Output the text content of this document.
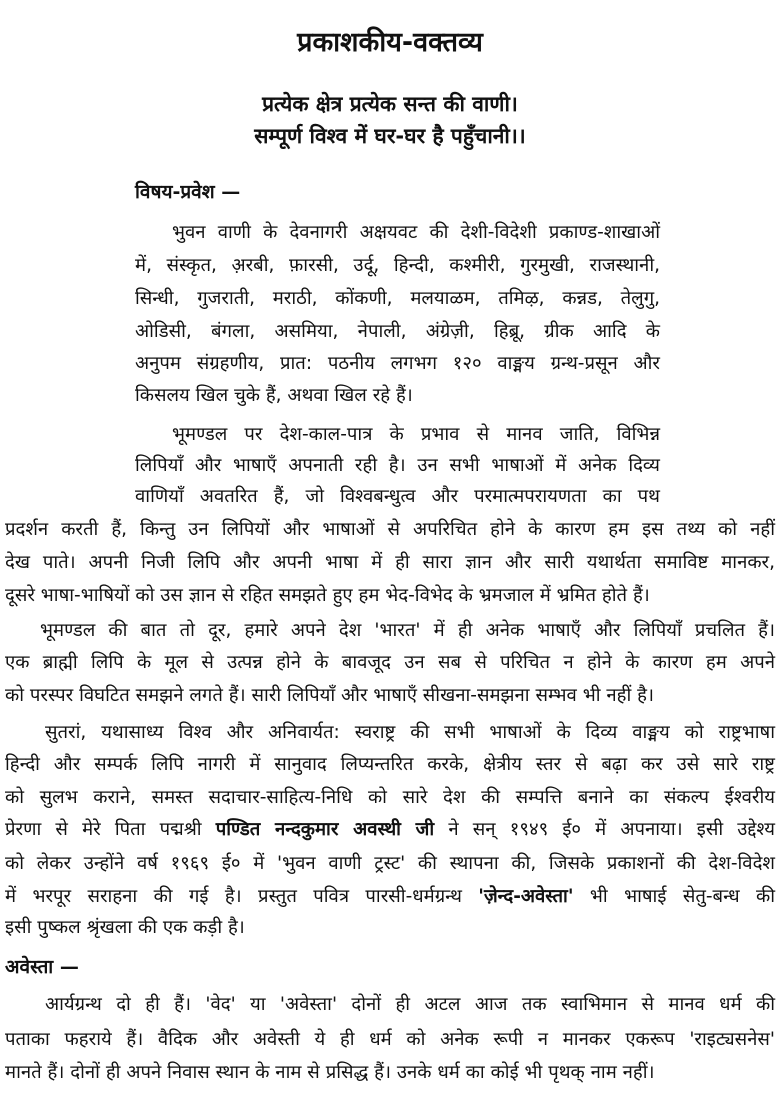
प्रकाशकीय-वक्तव्य
प्रत्येक क्षेत्र प्रत्येक सन्त की वाणी।
सम्पूर्ण विश्व में घर-घर है पहुँचानी।।
विषय-प्रवेश —
अवेस्ता —
भुवन वाणी के देवनागरी अक्षयवट की देशी-विदेशी प्रकाण्ड-शाखाओं
में, संस्कृत, अ़रबी, फ़ारसी, उर्दू, हिन्दी, कश्मीरी, गुरमुखी, राजस्थानी,
सिन्धी, गुजराती, मराठी, कोंकणी, मलयाळम, तमिऴ, कन्नड, तेलुगु,
ओडिसी, बंगला, असमिया, नेपाली, अंग्रेज़ी, हिब्रू, ग्रीक आदि के
अनुपम संग्रहणीय, प्रात: पठनीय लगभग १२० वाङ्मय ग्रन्थ-प्रसून और
किसलय खिल चुके हैं, अथवा खिल रहे हैं।
भूमण्डल पर देश-काल-पात्र के प्रभाव से मानव जाति, विभिन्न
लिपियाँ और भाषाएँ अपनाती रही है। उन सभी भाषाओं में अनेक दिव्य
वाणियाँ अवतरित हैं, जो विश्वबन्धुत्व और परमात्मपरायणता का पथ
प्रदर्शन करती हैं, किन्तु उन लिपियों और भाषाओं से अपरिचित होने के कारण हम इस तथ्य को नहीं
देख पाते। अपनी निजी लिपि और अपनी भाषा में ही सारा ज्ञान और सारी यथार्थता समाविष्ट मानकर,
दूसरे भाषा-भाषियों को उस ज्ञान से रहित समझते हुए हम भेद-विभेद के भ्रमजाल में भ्रमित होते हैं।
भूमण्डल की बात तो दूर, हमारे अपने देश 'भारत' में ही अनेक भाषाएँ और लिपियाँ प्रचलित हैं।
एक ब्राह्मी लिपि के मूल से उत्पन्न होने के बावजूद उन सब से परिचित न होने के कारण हम अपने
को परस्पर विघटित समझने लगते हैं। सारी लिपियाँ और भाषाएँ सीखना-समझना सम्भव भी नहीं है।
सुतरां, यथासाध्य विश्व और अनिवार्यत: स्वराष्ट्र की सभी भाषाओं के दिव्य वाङ्मय को राष्ट्रभाषा
हिन्दी और सम्पर्क लिपि नागरी में सानुवाद लिप्यन्तरित करके, क्षेत्रीय स्तर से बढ़ा कर उसे सारे राष्ट्र
को सुलभ कराने, समस्त सदाचार-साहित्य-निधि को सारे देश की सम्पत्ति बनाने का संकल्प ईश्वरीय
प्रेरणा से मेरे पिता पद्मश्री पण्डित नन्दकुमार अवस्थी जी ने सन् १९४९ ई० में अपनाया। इसी उद्देश्य
को लेकर उन्होंने वर्ष १९६९ ई० में 'भुवन वाणी ट्रस्ट' की स्थापना की, जिसके प्रकाशनों की देश-विदेश
में भरपूर सराहना की गई है। प्रस्तुत पवित्र पारसी-धर्मग्रन्थ 'ज़ेन्द-अवेस्ता' भी भाषाई सेतु-बन्ध की
इसी पुष्कल श्रृंखला की एक कड़ी है।
आर्यग्रन्थ दो ही हैं। 'वेद' या 'अवेस्ता' दोनों ही अटल आज तक स्वाभिमान से मानव धर्म की
पताका फहराये हैं। वैदिक और अवेस्ती ये ही धर्म को अनेक रूपी न मानकर एकरूप 'राइट्यसनेस'
मानते हैं। दोनों ही अपने निवास स्थान के नाम से प्रसिद्ध हैं। उनके धर्म का कोई भी पृथक् नाम नहीं।
